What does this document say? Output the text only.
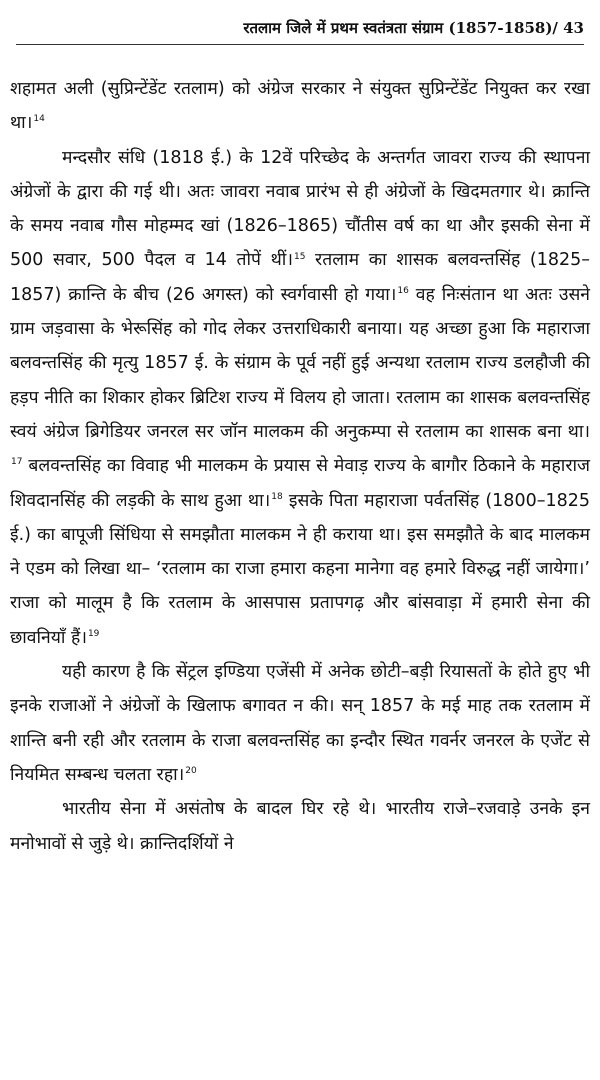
रतलाम जिले में प्रथम स्वतंत्रता संग्राम (1857-1858)/ 43

शहामत अली (सुप्रिन्टेंडेंट रतलाम) को अंग्रेज सरकार ने संयुक्त सुप्रिन्टेंडेंट नियुक्त कर रखा था।$^{14}$

मन्दसौर संधि (1818 ई.) के 12वें परिच्छेद के अन्तर्गत जावरा राज्य की स्थापना अंग्रेजों के द्वारा की गई थी। अतः जावरा नवाब प्रारंभ से ही अंग्रेजों के खिदमतगार थे। क्रान्ति के समय नवाब गौस मोहम्मद खां (1826–1865) चौंतीस वर्ष का था और इसकी सेना में 500 सवार, 500 पैदल व 14 तोपें थीं।$^{15}$ रतलाम का शासक बलवन्तसिंह (1825–1857) क्रान्ति के बीच (26 अगस्त) को स्वर्गवासी हो गया।$^{16}$ वह निःसंतान था अतः उसने ग्राम जड़वासा के भेरूसिंह को गोद लेकर उत्तराधिकारी बनाया। यह अच्छा हुआ कि महाराजा बलवन्तसिंह की मृत्यु 1857 ई. के संग्राम के पूर्व नहीं हुई अन्यथा रतलाम राज्य डलहौजी की हड़प नीति का शिकार होकर ब्रिटिश राज्य में विलय हो जाता। रतलाम का शासक बलवन्तसिंह स्वयं अंग्रेज ब्रिगेडियर जनरल सर जॉन मालकम की अनुकम्पा से रतलाम का शासक बना था।$^{17}$ बलवन्तसिंह का विवाह भी मालकम के प्रयास से मेवाड़ राज्य के बागौर ठिकाने के महाराज शिवदानसिंह की लड़की के साथ हुआ था।$^{18}$ इसके पिता महाराजा पर्वतसिंह (1800–1825 ई.) का बापूजी सिंधिया से समझौता मालकम ने ही कराया था। इस समझौते के बाद मालकम ने एडम को लिखा था– ‘रतलाम का राजा हमारा कहना मानेगा वह हमारे विरुद्ध नहीं जायेगा।’ राजा को मालूम है कि रतलाम के आसपास प्रतापगढ़ और बांसवाड़ा में हमारी सेना की छावनियाँ हैं।$^{19}$

यही कारण है कि सेंट्रल इण्डिया एजेंसी में अनेक छोटी–बड़ी रियासतों के होते हुए भी इनके राजाओं ने अंग्रेजों के खिलाफ बगावत न की। सन् 1857 के मई माह तक रतलाम में शान्ति बनी रही और रतलाम के राजा बलवन्तसिंह का इन्दौर स्थित गवर्नर जनरल के एजेंट से नियमित सम्बन्ध चलता रहा।$^{20}$

भारतीय सेना में असंतोष के बादल घिर रहे थे। भारतीय राजे–रजवाड़े उनके इन मनोभावों से जुड़े थे। क्रान्तिदर्शियों ने
